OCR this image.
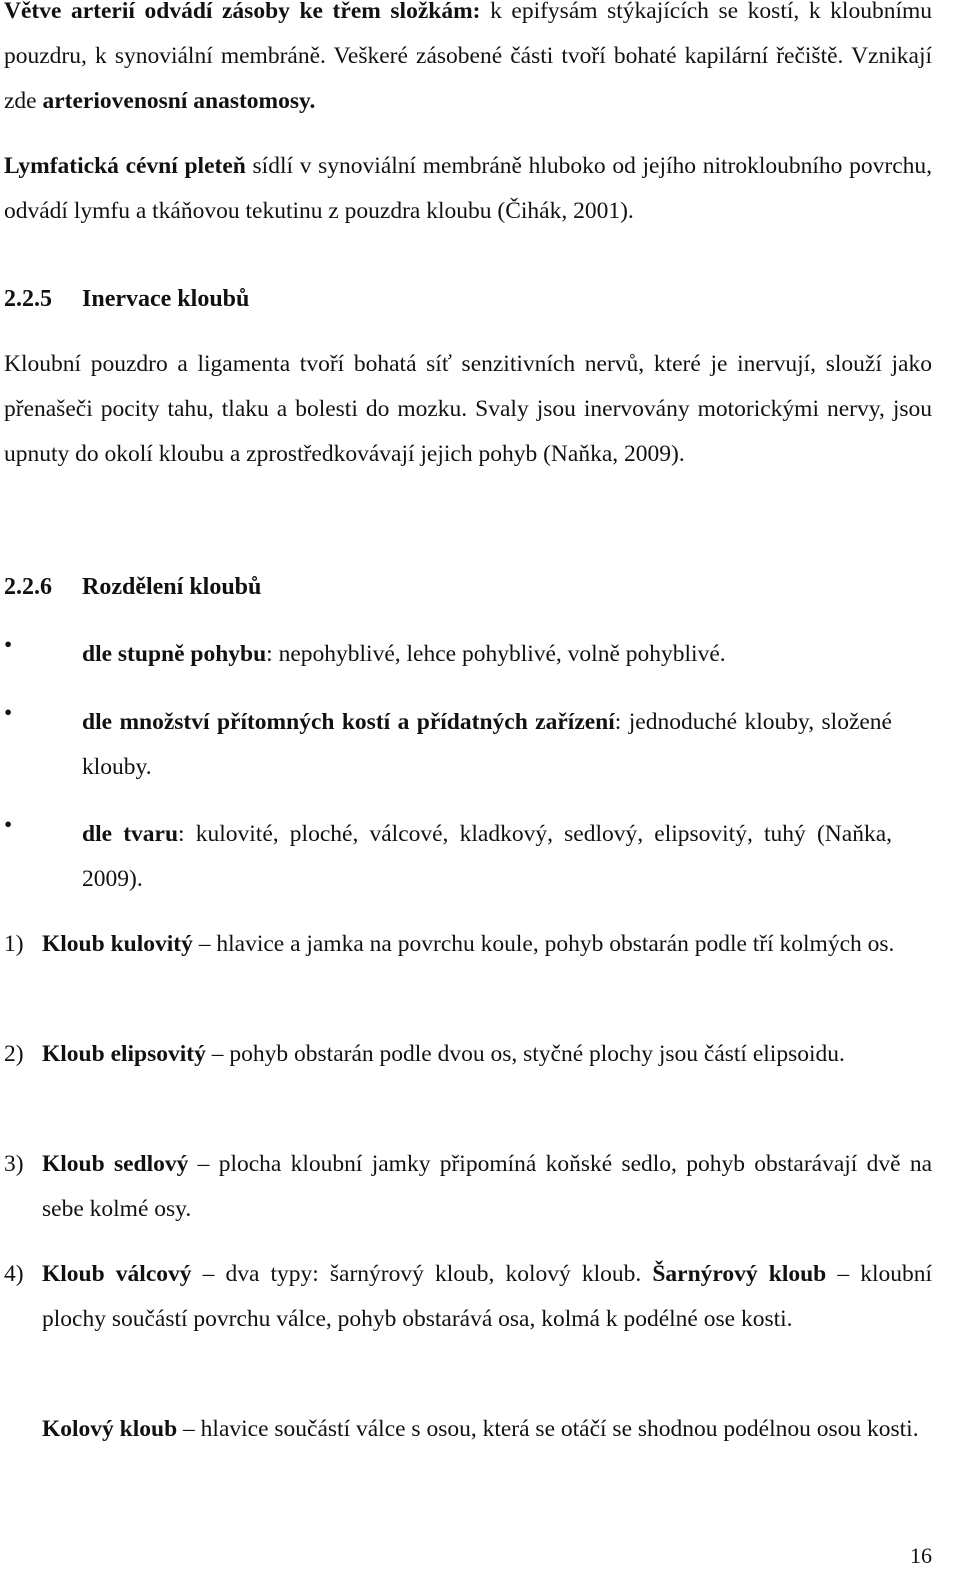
Větve arterií odvádí zásoby ke třem složkám: k epifysám stýkajících se kostí, k kloubnímu pouzdru, k synoviální membráně. Veškeré zásobené části tvoří bohaté kapilární řečiště. Vznikají zde arteriovenosní anastomosy.

Lymfatická cévní pleteň sídlí v synoviální membráně hluboko od jejího nitrokloubního povrchu, odvádí lymfu a tkáňovou tekutinu z pouzdra kloubu (Čihák, 2001).

2.2.5 Inervace kloubů

Kloubní pouzdro a ligamenta tvoří bohatá síť senzitivních nervů, které je inervují, slouží jako přenašeči pocity tahu, tlaku a bolesti do mozku. Svaly jsou inervovány motorickými nervy, jsou upnuty do okolí kloubu a zprostředkovávají jejich pohyb (Naňka, 2009).

2.2.6 Rozdělení kloubů
•	dle stupně pohybu: nepohyblivé, lehce pohyblivé, volně pohyblivé.

•	dle množství přítomných kostí a přídatných zařízení: jednoduché klouby, složené klouby.

•	dle tvaru: kulovité, ploché, válcové, kladkový, sedlový, elipsovitý, tuhý (Naňka, 2009).

1) Kloub kulovitý – hlavice a jamka na povrchu koule, pohyb obstarán podle tří kolmých os.

2) Kloub elipsovitý – pohyb obstarán podle dvou os, styčné plochy jsou částí elipsoidu.

3) Kloub sedlový – plocha kloubní jamky připomíná koňské sedlo, pohyb obstarávají dvě na sebe kolmé osy.

4) Kloub válcový – dva typy: šarnýrový kloub, kolový kloub. Šarnýrový kloub – kloubní plochy součástí povrchu válce, pohyb obstarává osa, kolmá k podélné ose kosti.

Kolový kloub – hlavice součástí válce s osou, která se otáčí se shodnou podélnou osou kosti.

16
